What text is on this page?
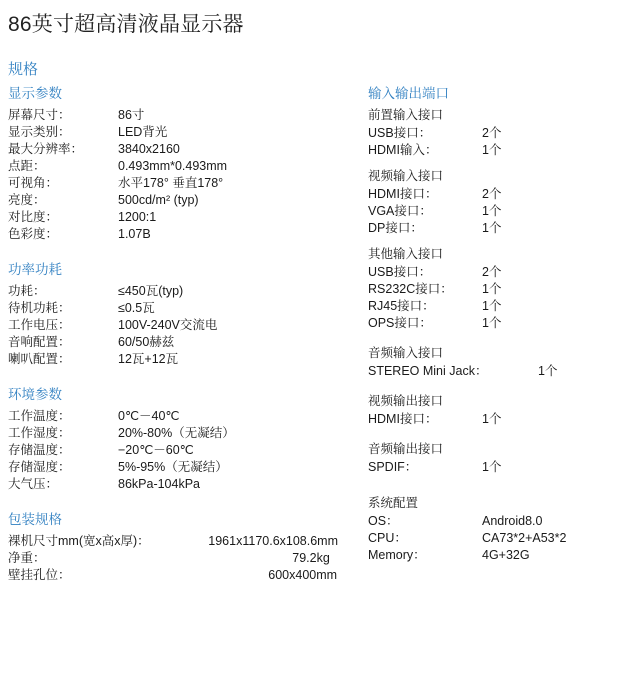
86英寸超高清液晶显示器
规格
显示参数
屏幕尺寸：	86寸
显示类别：	LED背光
最大分辨率：	3840x2160
点距：	0.493mm*0.493mm
可视角：	水平178° 垂直178°
亮度：	500cd/m² (typ)
对比度：	1200:1
色彩度：	1.07B
功率功耗
功耗：	≤450瓦(typ)
待机功耗：	≤0.5瓦
工作电压：	100V-240V交流电
音响配置：	60/50赫兹
喇叭配置：	12瓦+12瓦
环境参数
工作温度：	0℃－40℃
工作湿度：	20%-80%（无凝结）
存储温度：	−20℃－60℃
存储湿度：	5%-95%（无凝结）
大气压：	86kPa-104kPa
包装规格
裸机尺寸mm(宽x高x厚)：	1961x1170.6x108.6mm
净重：	79.2kg
壁挂孔位：	600x400mm
输入输出端口
前置输入接口
USB接口：	2个
HDMI输入：	1个
视频输入接口
HDMI接口：	2个
VGA接口：	1个
DP接口：	1个
其他输入接口
USB接口：	2个
RS232C接口：	1个
RJ45接口：	1个
OPS接口：	1个
音频输入接口
STEREO Mini Jack：	1个
视频输出接口
HDMI接口：	1个
音频输出接口
SPDIF：	1个
系统配置
OS：	Android8.0
CPU：	CA73*2+A53*2
Memory：	4G+32G
